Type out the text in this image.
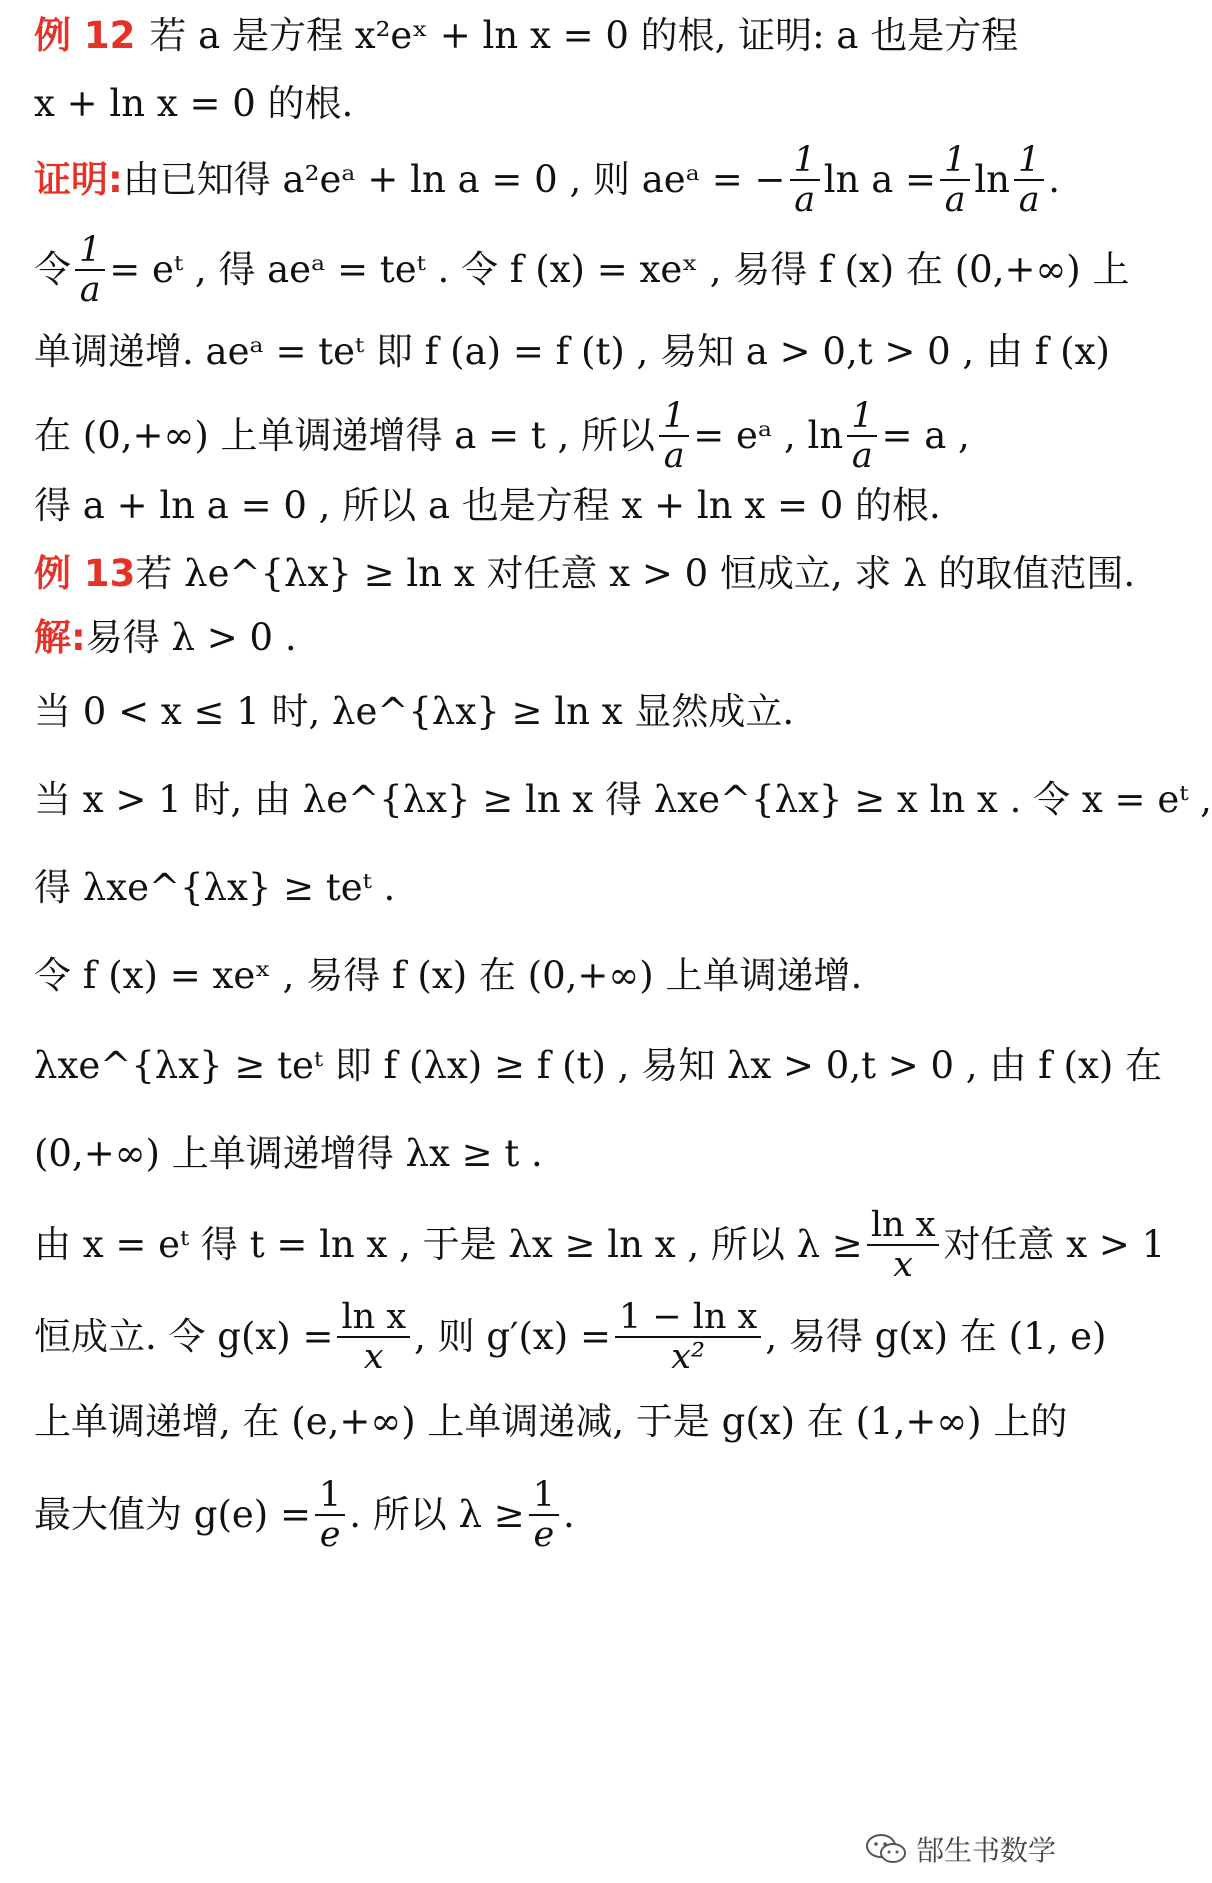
例 12 若 a 是方程 x²eˣ + ln x = 0 的根, 证明: a 也是方程
x + ln x = 0 的根.
证明: 由已知得 a²eᵃ + ln a = 0 , 则 aeᵃ = − $\frac{1}{a}$ $\ln a = \frac{1}{a}$ $\ln \frac{1}{a}$ .
令 $\frac{1}{a}$ = eᵗ , 得 aeᵃ = teᵗ . 令 f (x) = xeˣ , 易得 f (x) 在 (0,+∞) 上
单调递增. aeᵃ = teᵗ 即 f (a) = f (t) , 易知 a > 0,t > 0 , 由 f (x)
在 (0,+∞) 上单调递增得 a = t , 所以 $\frac{1}{a}$ = eᵃ , $\ln \frac{1}{a} = a$ ,
得 a + ln a = 0 , 所以 a 也是方程 x + ln x = 0 的根.
例 13 若 λe^{λx} ≥ ln x 对任意 x > 0 恒成立, 求 λ 的取值范围.
解: 易得 λ > 0 .
当 0 < x ≤ 1 时, λe^{λx} ≥ ln x 显然成立.
当 x > 1 时, 由 λe^{λx} ≥ ln x 得 λxe^{λx} ≥ x ln x . 令 x = eᵗ ,
得 λxe^{λx} ≥ teᵗ .
令 f (x) = xeˣ , 易得 f (x) 在 (0,+∞) 上单调递增.
λxe^{λx} ≥ teᵗ 即 f (λx) ≥ f (t) , 易知 λx > 0,t > 0 , 由 f (x) 在
(0,+∞) 上单调递增得 λx ≥ t .
由 x = eᵗ 得 t = ln x , 于是 λx ≥ ln x , 所以 $\lambda \ge \frac{\text{ln x}}{x}$ 对任意 x > 1
恒成立. 令 $g(x) = \frac{\text{ln x}}{x}$ , 则 $g'(x) = \frac{\text{1 − ln x}}{\text{x²}}$ , 易得 g(x) 在 (1, e)
上单调递增, 在 (e,+∞) 上单调递减, 于是 g(x) 在 (1,+∞) 上的
最大值为 $g(e) = \frac{1}{e}$ . 所以 $\lambda \ge \frac{1}{e}$ .
郜生书数学
